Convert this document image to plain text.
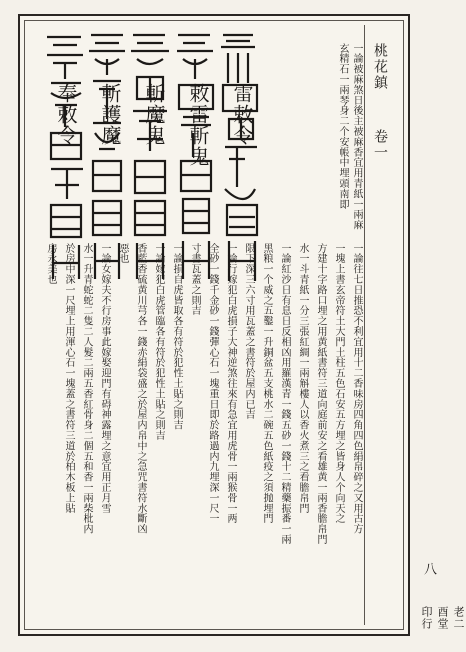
桃花鎮
卷一
雷敕令
敕雷斬鬼
斬魔鬼
斬護魔
奉敕令	一論被麻煞日後主被麻香宜用青紙一兩麻
玄精石一兩琴身二个安帳中埋頭南即
一論往七日推恐不利宜用十二香味房四角四色絹帛碎之又用古方
一塊上書玄帝符土大門土柱五色石安五方埋之皆身人个向天之
方建十字路口埋之用黄紙書符三道向庭前安之看雄黄一兩香膽帛門
水一斗青紙一分三張紅綢一兩斛樓人以香火煮三之看膽帛門
一論紅沙日有息日反相凶用羅漢青一錢五砂一錢十二精藥振番一兩
黑粮一个威之五鑿一升銅盆五支桃水二碗五色紙疫之須抛埋門
限下深三六寸用瓦蓋之書符於屋内已吉
一論行嫁犯白虎損子大神逆煞往來有急宜用虎骨一兩猴骨一两
全砂一錢千金砂一錢彈心石一塊重日即於路過内九埋深一尺一
寸書瓦蓋之則吉
一論損自虎皆取各有符於犯性土貼之則吉
一論嫁犯白虎管臨各有符於犯性土貼之則吉
香藍香硫黄川芎各一錢赤絹袋盛之於屋内帛中之急咒書符水斷凶
惡也
一論女嫁夫不行房事此嫁娶迎門有碍神露埋之意宜用正月雪
水一升青蛇蛇二隻二人髮二兩五香紅骨身二個五和香一兩柴枇内
於房中深一尺埋上用渾心石一塊蓋之書符三道於柏木板上貼
房永美也
八
老二酉堂印行
